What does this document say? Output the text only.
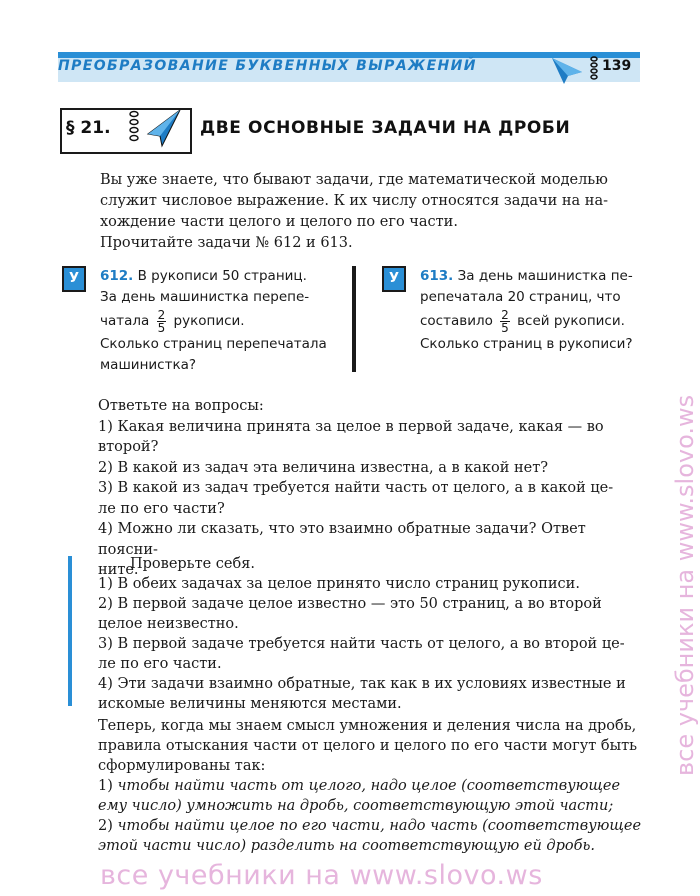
ПРЕОБРАЗОВАНИЕ БУКВЕННЫХ ВЫРАЖЕНИЙ	139
§ 21.	ДВЕ ОСНОВНЫЕ ЗАДАЧИ НА ДРОБИ

Вы уже знаете, что бывают задачи, где математической моделью

служит числовое выражение. К их числу относятся задачи на на-

хождение части целого и целого по его части.

Прочитайте задачи № 612 и 613.

У	612. В рукописи 50 страниц.
За день машинистка перепе-
чатала $\frac{2}{5}$ рукописи.
Сколько страниц перепечатала
машинистка?
У	613. За день машинистка пе-
репечатала 20 страниц, что
составило $\frac{2}{5}$ всей рукописи.
Сколько страниц в рукописи?

Ответьте на вопросы:

1) Какая величина принята за целое в первой задаче, какая — во

второй?

2) В какой из задач эта величина известна, а в какой нет?

3) В какой из задач требуется найти часть от целого, а в какой це-

ле по его части?

4) Можно ли сказать, что это взаимно обратные задачи? Ответ поясни-

ните.

Проверьте себя.

1) В обеих задачах за целое принято число страниц рукописи.

2) В первой задаче целое известно — это 50 страниц, а во второй

целое неизвестно.

3) В первой задаче требуется найти часть от целого, а во второй це-

ле по его части.

4) Эти задачи взаимно обратные, так как в их условиях известные и

искомые величины меняются местами.

Теперь, когда мы знаем смысл умножения и деления числа на дробь,

правила отыскания части от целого и целого по его части могут быть

сформулированы так:

1) чтобы найти часть от целого, надо целое (соответствующее

ему число) умножить на дробь, соответствующую этой части;

2) чтобы найти целое по его части, надо часть (соответствующее

этой части число) разделить на соответствующую ей дробь.

все учебники на www.slovo.ws
все учебники на www.slovo.ws
